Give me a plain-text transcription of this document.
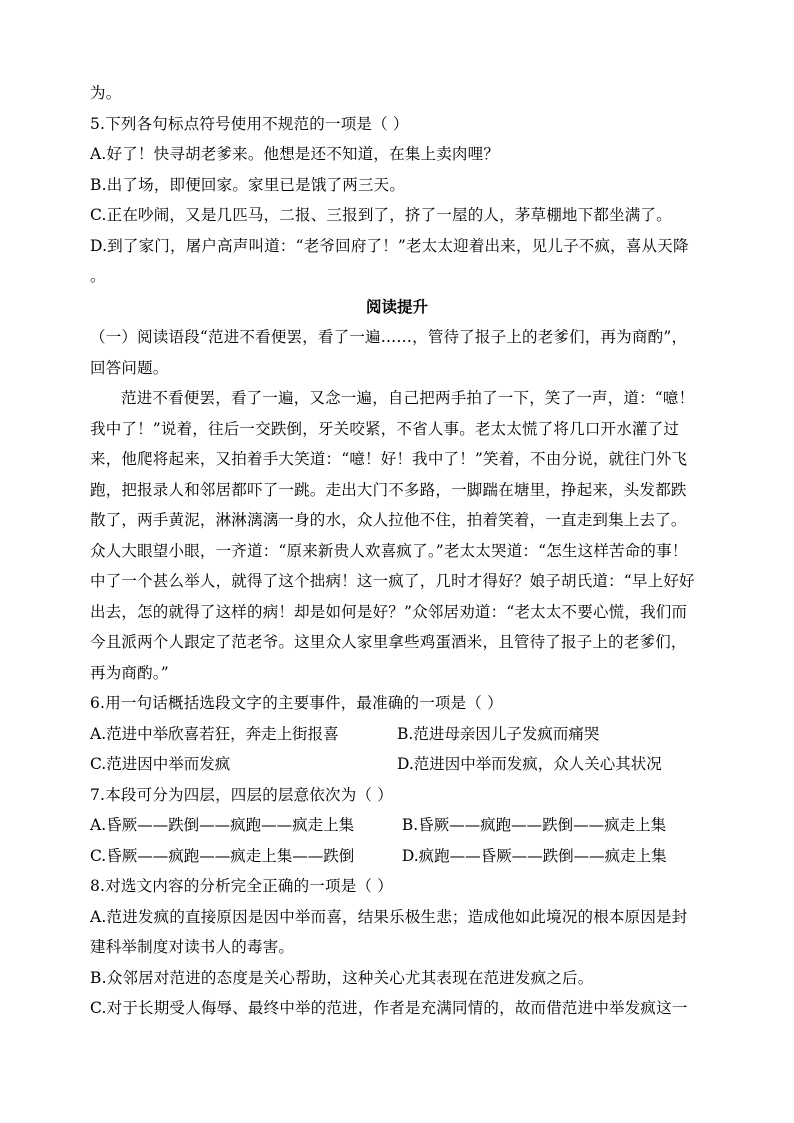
为。
5.下列各句标点符号使用不规范的一项是（ ）
A.好了！快寻胡老爹来。他想是还不知道，在集上卖肉哩？
B.出了场，即便回家。家里已是饿了两三天。
C.正在吵闹，又是几匹马，二报、三报到了，挤了一屋的人，茅草棚地下都坐满了。
D.到了家门，屠户高声叫道：“老爷回府了！”老太太迎着出来，见儿子不疯，喜从天降
。
阅读提升
（一）阅读语段“范进不看便罢，看了一遍……，管待了报子上的老爹们，再为商酌”，
回答问题。
范进不看便罢，看了一遍，又念一遍，自己把两手拍了一下，笑了一声，道：“噫！
我中了！”说着，往后一交跌倒，牙关咬紧，不省人事。老太太慌了将几口开水灌了过
来，他爬将起来，又拍着手大笑道：“噫！好！我中了！”笑着，不由分说，就往门外飞
跑，把报录人和邻居都吓了一跳。走出大门不多路，一脚踹在塘里，挣起来，头发都跌
散了，两手黄泥，淋淋漓漓一身的水，众人拉他不住，拍着笑着，一直走到集上去了。
众人大眼望小眼，一齐道：“原来新贵人欢喜疯了。”老太太哭道：“怎生这样苦命的事！
中了一个甚么举人，就得了这个拙病！这一疯了，几时才得好？娘子胡氏道：“早上好好
出去，怎的就得了这样的病！却是如何是好？”众邻居劝道：“老太太不要心慌，我们而
今且派两个人跟定了范老爷。这里众人家里拿些鸡蛋酒米，且管待了报子上的老爹们，
再为商酌。”
6.用一句话概括选段文字的主要事件，最准确的一项是（ ）
A.范进中举欣喜若狂，奔走上街报喜	B.范进母亲因儿子发疯而痛哭
C.范进因中举而发疯	D.范进因中举而发疯，众人关心其状况
7.本段可分为四层，四层的层意依次为（ ）
A.昏厥——跌倒——疯跑——疯走上集	B.昏厥——疯跑——跌倒——疯走上集
C.昏厥——疯跑——疯走上集——跌倒	D.疯跑——昏厥——跌倒——疯走上集
8.对选文内容的分析完全正确的一项是（ ）
A.范进发疯的直接原因是因中举而喜，结果乐极生悲；造成他如此境况的根本原因是封
建科举制度对读书人的毒害。
B.众邻居对范进的态度是关心帮助，这种关心尤其表现在范进发疯之后。
C.对于长期受人侮辱、最终中举的范进，作者是充满同情的，故而借范进中举发疯这一
